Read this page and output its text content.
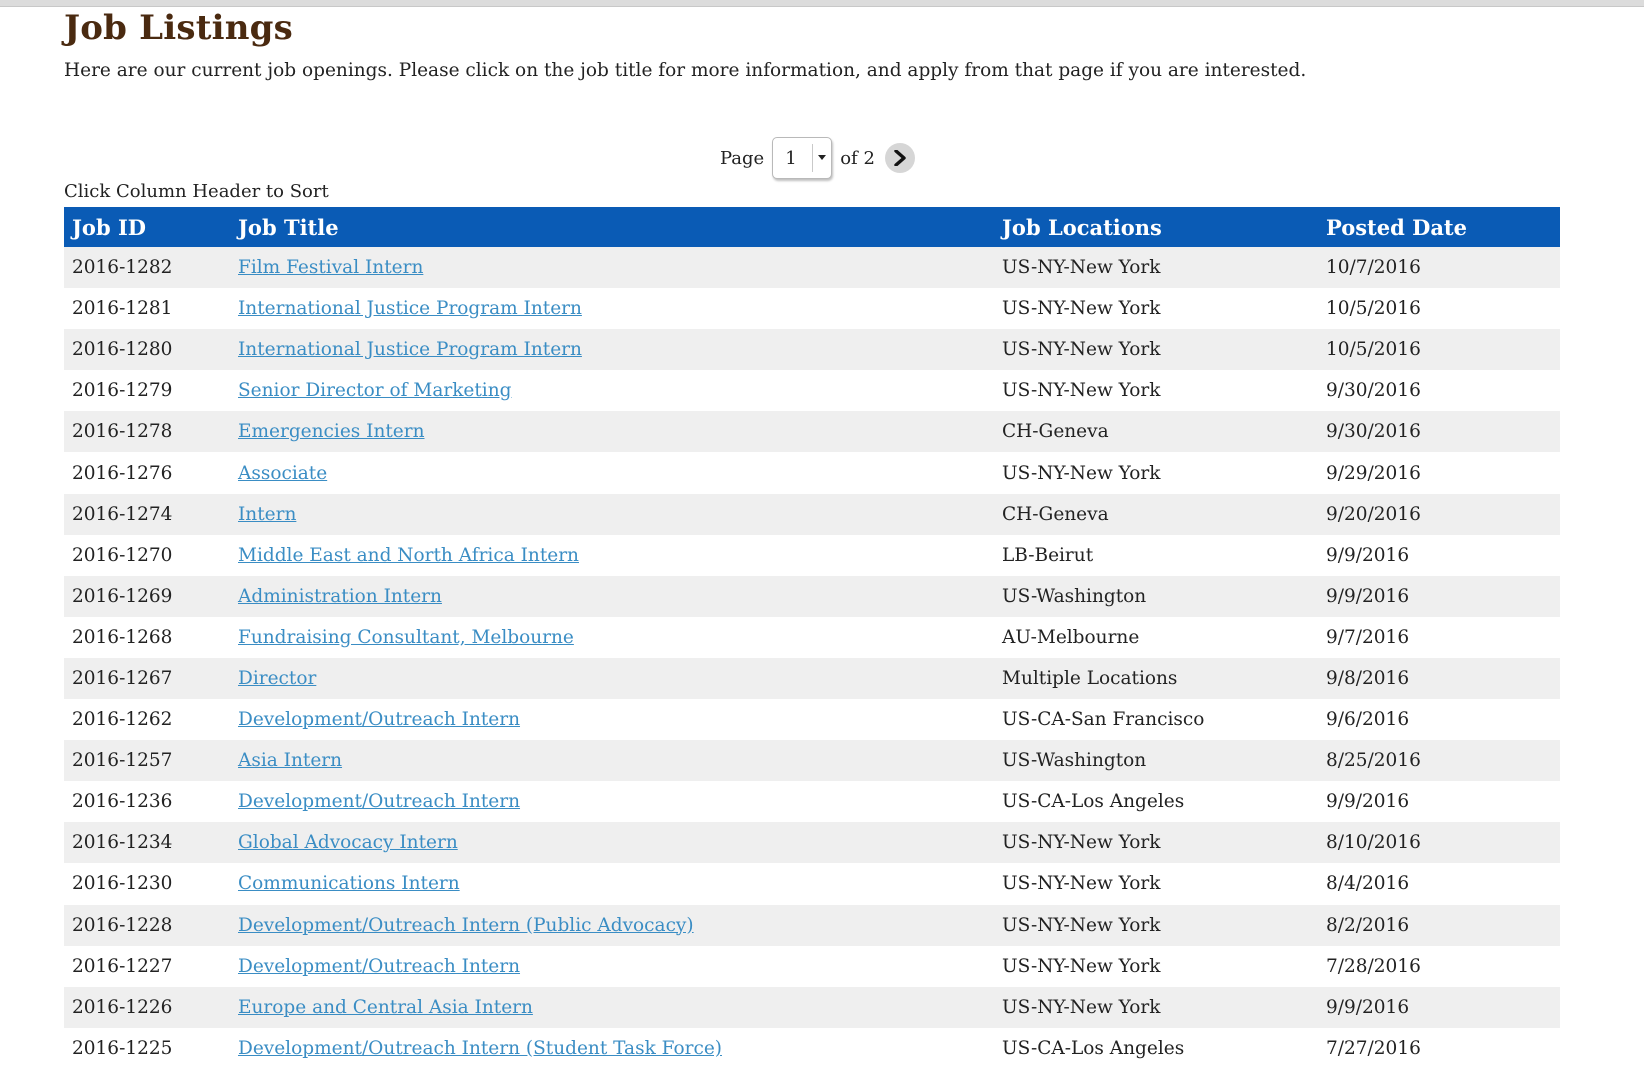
Job Listings

Here are our current job openings. Please click on the job title for more information, and apply from that page if you are interested.

Page 1 of 2
Click Column Header to Sort
Job ID	Job Title	Job Locations	Posted Date
2016-1282	Film Festival Intern	US-NY-New York	10/7/2016
2016-1281	International Justice Program Intern	US-NY-New York	10/5/2016
2016-1280	International Justice Program Intern	US-NY-New York	10/5/2016
2016-1279	Senior Director of Marketing	US-NY-New York	9/30/2016
2016-1278	Emergencies Intern	CH-Geneva	9/30/2016
2016-1276	Associate	US-NY-New York	9/29/2016
2016-1274	Intern	CH-Geneva	9/20/2016
2016-1270	Middle East and North Africa Intern	LB-Beirut	9/9/2016
2016-1269	Administration Intern	US-Washington	9/9/2016
2016-1268	Fundraising Consultant, Melbourne	AU-Melbourne	9/7/2016
2016-1267	Director	Multiple Locations	9/8/2016
2016-1262	Development/Outreach Intern	US-CA-San Francisco	9/6/2016
2016-1257	Asia Intern	US-Washington	8/25/2016
2016-1236	Development/Outreach Intern	US-CA-Los Angeles	9/9/2016
2016-1234	Global Advocacy Intern	US-NY-New York	8/10/2016
2016-1230	Communications Intern	US-NY-New York	8/4/2016
2016-1228	Development/Outreach Intern (Public Advocacy)	US-NY-New York	8/2/2016
2016-1227	Development/Outreach Intern	US-NY-New York	7/28/2016
2016-1226	Europe and Central Asia Intern	US-NY-New York	9/9/2016
2016-1225	Development/Outreach Intern (Student Task Force)	US-CA-Los Angeles	7/27/2016
